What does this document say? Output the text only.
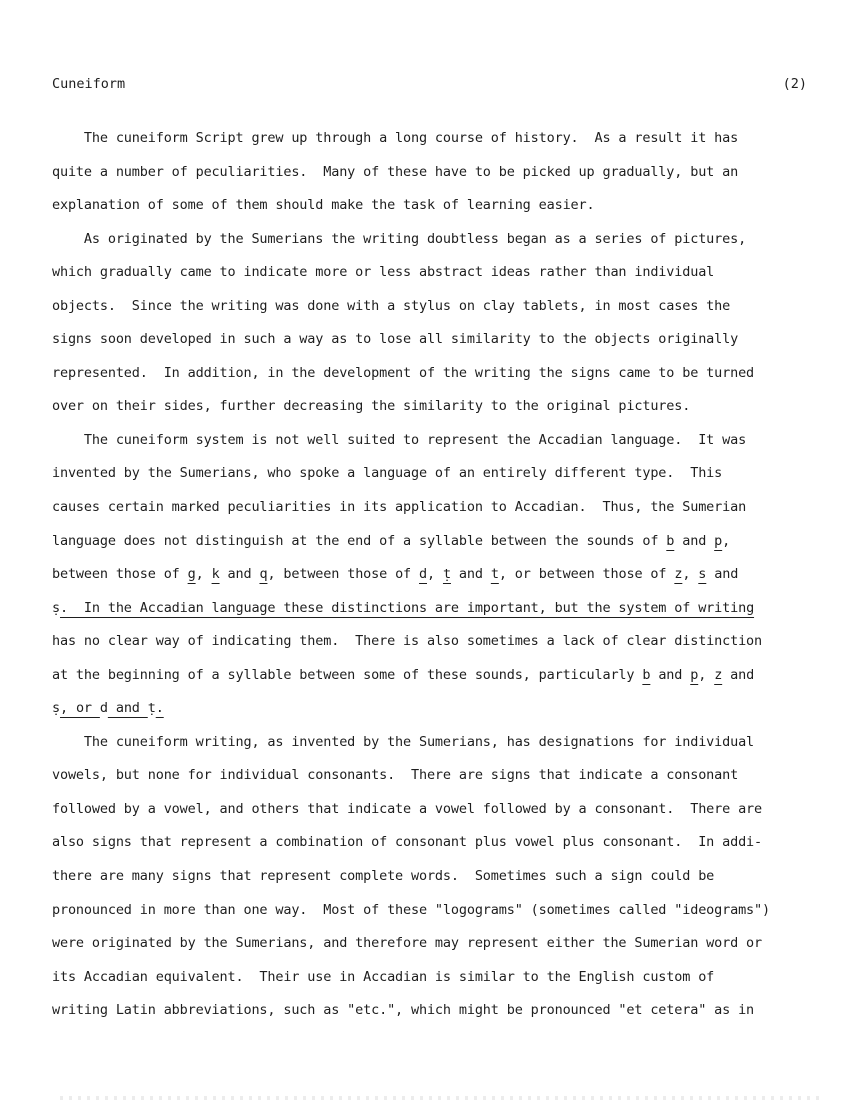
Cuneiform	(2)
The cuneiform Script grew up through a long course of history.  As a result it has
quite a number of peculiarities.  Many of these have to be picked up gradually, but an
explanation of some of them should make the task of learning easier.
As originated by the Sumerians the writing doubtless began as a series of pictures,
which gradually came to indicate more or less abstract ideas rather than individual
objects.  Since the writing was done with a stylus on clay tablets, in most cases the
signs soon developed in such a way as to lose all similarity to the objects originally
represented.  In addition, in the development of the writing the signs came to be turned
over on their sides, further decreasing the similarity to the original pictures.
The cuneiform system is not well suited to represent the Accadian language.  It was
invented by the Sumerians, who spoke a language of an entirely different type.  This
causes certain marked peculiarities in its application to Accadian.  Thus, the Sumerian
language does not distinguish at the end of a syllable between the sounds of b and p,
between those of g, k and q, between those of d, ṭ and t, or between those of z, s and
ṣ.  In the Accadian language these distinctions are important, but the system of writing
has no clear way of indicating them.  There is also sometimes a lack of clear distinction
at the beginning of a syllable between some of these sounds, particularly b and p, z and
ṣ, or d and ṭ.
The cuneiform writing, as invented by the Sumerians, has designations for individual
vowels, but none for individual consonants.  There are signs that indicate a consonant
followed by a vowel, and others that indicate a vowel followed by a consonant.  There are
also signs that represent a combination of consonant plus vowel plus consonant.  In addi-
there are many signs that represent complete words.  Sometimes such a sign could be
pronounced in more than one way.  Most of these "logograms" (sometimes called "ideograms")
were originated by the Sumerians, and therefore may represent either the Sumerian word or
its Accadian equivalent.  Their use in Accadian is similar to the English custom of
writing Latin abbreviations, such as "etc.", which might be pronounced "et cetera" as in
